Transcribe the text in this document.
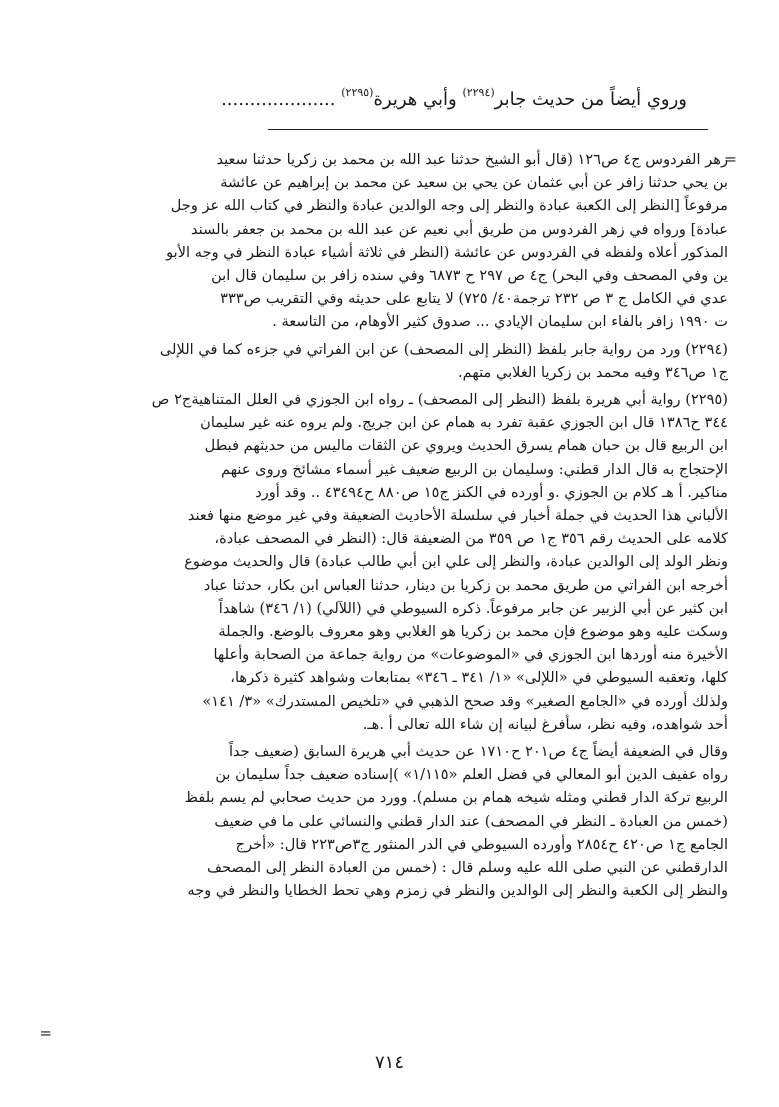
وروي أيضاً من حديث جابر$^{(٢٢٩٤)}$ وأبي هريرة$^{(٢٢٩٥)}$ ....................
=
زهر الفردوس ج٤ ص١٢٦ (قال أبو الشيخ حدثنا عبد الله بن محمد بن زكريا حدثنا سعيد
بن يحي حدثنا زافر عن أبي عثمان عن يحي بن سعيد عن محمد بن إبراهيم عن عائشة
مرفوعاً [النظر إلى الكعبة عبادة والنظر إلى وجه الوالدين عبادة والنظر في كتاب الله عز وجل
عبادة] ورواه في زهر الفردوس من طريق أبي نعيم عن عبد الله بن محمد بن جعفر بالسند
المذكور أعلاه ولفظه في الفردوس عن عائشة (النظر في ثلاثة أشياء عبادة النظر في وجه الأبو
ين وفي المصحف وفي البحر) ج٤ ص ٢٩٧ ح ٦٨٧٣ وفي سنده زافر بن سليمان قال ابن
عدي في الكامل ج ٣ ص ٢٣٢ ترجمة٤٠/ ٧٢٥) لا يتابع على حديثه وفي التقريب ص٣٣٣
ت ١٩٩٠ زافر بالفاء ابن سليمان الإيادي ... صدوق كثير الأوهام، من التاسعة .
(٢٢٩٤) ورد من رواية جابر بلفظ (النظر إلى المصحف) عن ابن الفراتي في جزءه كما في اللإلى
ج١ ص٣٤٦ وفيه محمد بن زكريا الغلابي متهم.
(٢٢٩٥) رواية أبي هريرة بلفظ (النظر إلى المصحف) ـ رواه ابن الجوزي في العلل المتناهيةج٢ ص
٣٤٤ ح١٣٨٦ قال ابن الجوزي عقبة تفرد به همام عن ابن جريج. ولم يروه عنه غير سليمان
ابن الربيع قال بن حبان همام يسرق الحديث ويروي عن الثقات ماليس من حديثهم فبطل
الإحتجاج به قال الدار قطني: وسليمان بن الربيع ضعيف غير أسماء مشائخ وروى عنهم
مناكير. أ هـ كلام بن الجوزي .و أورده في الكنز ج١٥ ص٨٨٠ ح٤٣٤٩٤ .. وقد أورد
الألباني هذا الحديث في جملة أخبار في سلسلة الأحاديث الضعيفة وفي غير موضع منها فعند
كلامه على الحديث رقم ٣٥٦ ج١ ص ٣٥٩ من الضعيفة قال: (النظر في المصحف عبادة،
ونظر الولد إلى الوالدين عبادة، والنظر إلى علي ابن أبي طالب عبادة) قال والحديث موضوع
أخرجه ابن الفراتي من طريق محمد بن زكريا بن دينار، حدثنا العباس ابن بكار، حدثنا عباد
ابن كثير عن أبي الزبير عن جابر مرفوعاً. ذكره السيوطي في (اللآلي) (١/ ٣٤٦) شاهداً
وسكت عليه وهو موضوع فإن محمد بن زكريا هو الغلابي وهو معروف بالوضع. والجملة
الأخيرة منه أوردها ابن الجوزي في «الموضوعات» من رواية جماعة من الصحابة وأعلها
كلها، وتعقبه السيوطي في «اللإلى» «١/ ٣٤١ ـ ٣٤٦» بمتابعات وشواهد كثيرة ذكرها،
ولذلك أورده في «الجامع الصغير» وقد صحح الذهبي في «تلخيص المستدرك» «٣/ ١٤١»
أحد شواهده، وفيه نظر، سأفرغ لبيانه إن شاء الله تعالى أ .هـ.
وقال في الضعيفة أيضاً ج٤ ص٢٠١ ح١٧١٠ عن حديث أبي هريرة السابق (ضعيف جداً
رواه عفيف الدين أبو المعالي في فضل العلم «١/١١٥» )إسناده ضعيف جداً سليمان بن
الربيع تركة الدار قطني ومثله شيخه همام بن مسلم). وورد من حديث صحابي لم يسم بلفظ
(خمس من العبادة ـ النظر في المصحف) عند الدار قطني والنسائي على ما في ضعيف
الجامع ج١ ص٤٢٠ ح٢٨٥٤ وأورده السيوطي في الدر المنثور ج٣ص٢٢٣ قال: «أخرج
الدارقطني عن النبي صلى الله عليه وسلم قال : (خمس من العبادة النظر إلى المصحف
والنظر إلى الكعبة والنظر إلى الوالدين والنظر في زمزم وهي تحط الخطايا والنظر في وجه
=
٧١٤
